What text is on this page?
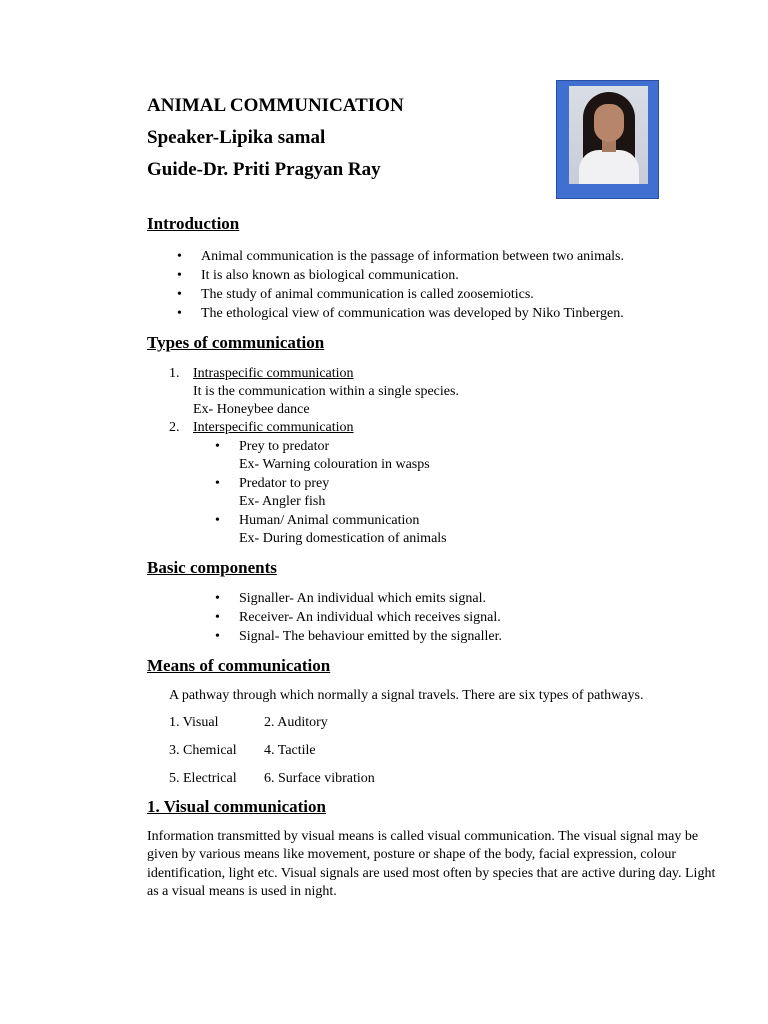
ANIMAL COMMUNICATION
Speaker-Lipika samal
Guide-Dr. Priti Pragyan Ray
Introduction
• Animal communication is the passage of information between two animals.
• It is also known as biological communication.
• The study of animal communication is called zoosemiotics.
• The ethological view of communication was developed by Niko Tinbergen.
Types of communication
1. Intraspecific communication
It is the communication within a single species.
Ex- Honeybee dance
2. Interspecific communication
• Prey to predator
Ex- Warning colouration in wasps
• Predator to prey
Ex- Angler fish
• Human/ Animal communication
Ex- During domestication of animals
Basic components
• Signaller- An individual which emits signal.
• Receiver- An individual which receives signal.
• Signal- The behaviour emitted by the signaller.
Means of communication
A pathway through which normally a signal travels. There are six types of pathways.
1. Visual	2. Auditory
3. Chemical 4. Tactile
5. Electrical 6. Surface vibration
1. Visual communication
Information transmitted by visual means is called visual communication. The visual signal may be given by various means like movement, posture or shape of the body, facial expression, colour identification, light etc. Visual signals are used most often by species that are active during day. Light as a visual means is used in night.
